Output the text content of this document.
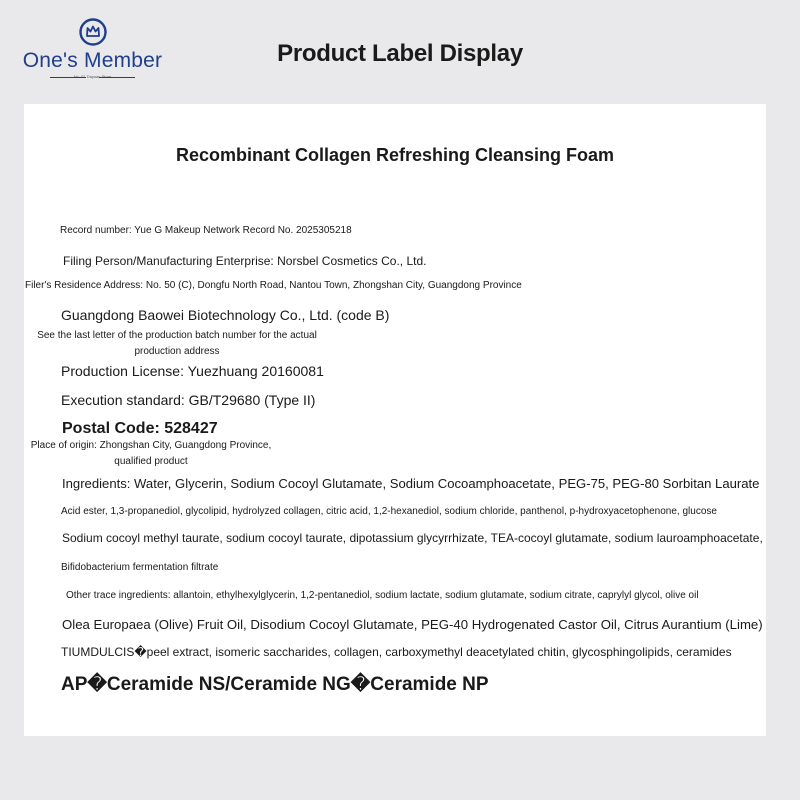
One's Member
No. 01 Dayuan Store
Product Label Display
Recombinant Collagen Refreshing Cleansing Foam
Record number: Yue G Makeup Network Record No. 2025305218
Filing Person/Manufacturing Enterprise: Norsbel Cosmetics Co., Ltd.
Filer's Residence Address: No. 50 (C), Dongfu North Road, Nantou Town, Zhongshan City, Guangdong Province
Guangdong Baowei Biotechnology Co., Ltd. (code B)
See the last letter of the production batch number for the actual production address
Production License: Yuezhuang 20160081
Execution standard: GB/T29680 (Type II)
Postal Code: 528427
Place of origin: Zhongshan City, Guangdong Province, qualified product
Ingredients: Water, Glycerin, Sodium Cocoyl Glutamate, Sodium Cocoamphoacetate, PEG-75, PEG-80 Sorbitan Laurate
Acid ester, 1,3-propanediol, glycolipid, hydrolyzed collagen, citric acid, 1,2-hexanediol, sodium chloride, panthenol, p-hydroxyacetophenone, glucose
Sodium cocoyl methyl taurate, sodium cocoyl taurate, dipotassium glycyrrhizate, TEA-cocoyl glutamate, sodium lauroamphoacetate,
Bifidobacterium fermentation filtrate
Other trace ingredients: allantoin, ethylhexylglycerin, 1,2-pentanediol, sodium lactate, sodium glutamate, sodium citrate, caprylyl glycol, olive oil
Olea Europaea (Olive) Fruit Oil, Disodium Cocoyl Glutamate, PEG-40 Hydrogenated Castor Oil, Citrus Aurantium (Lime)
TIUMDULCIS�peel extract, isomeric saccharides, collagen, carboxymethyl deacetylated chitin, glycosphingolipids, ceramides
AP�Ceramide NS/Ceramide NG�Ceramide NP
